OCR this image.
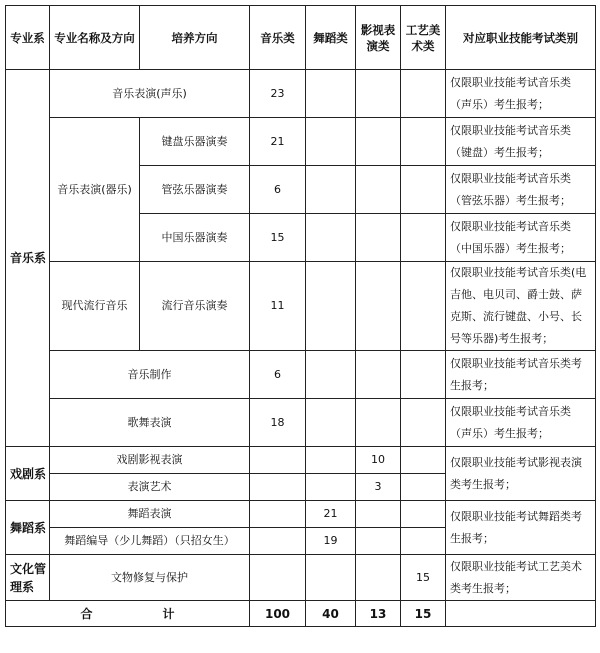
专业系	专业名称及方向	培养方向	音乐类	舞蹈类	影视表演类	工艺美术类	对应职业技能考试类别
音乐系	音乐表演(声乐)		23				仅限职业技能考试音乐类（声乐）考生报考；
	音乐表演(器乐)	键盘乐器演奏	21				仅限职业技能考试音乐类（键盘）考生报考；
		管弦乐器演奏	6				仅限职业技能考试音乐类（管弦乐器）考生报考；
		中国乐器演奏	15				仅限职业技能考试音乐类（中国乐器）考生报考；
	现代流行音乐	流行音乐演奏	11				仅限职业技能考试音乐类(电吉他、电贝司、爵士鼓、萨克斯、流行键盘、小号、长号等乐器)考生报考；
	音乐制作		6				仅限职业技能考试音乐类考生报考；
	歌舞表演		18				仅限职业技能考试音乐类（声乐）考生报考；
戏剧系	戏剧影视表演				10		仅限职业技能考试影视表演类考生报考；
	表演艺术				3		
舞蹈系	舞蹈表演			21			仅限职业技能考试舞蹈类考生报考；
	舞蹈编导（少儿舞蹈）（只招女生）			19			
文化管理系	文物修复与保护					15	仅限职业技能考试工艺美术类考生报考；
合 计			100	40	13	15	
